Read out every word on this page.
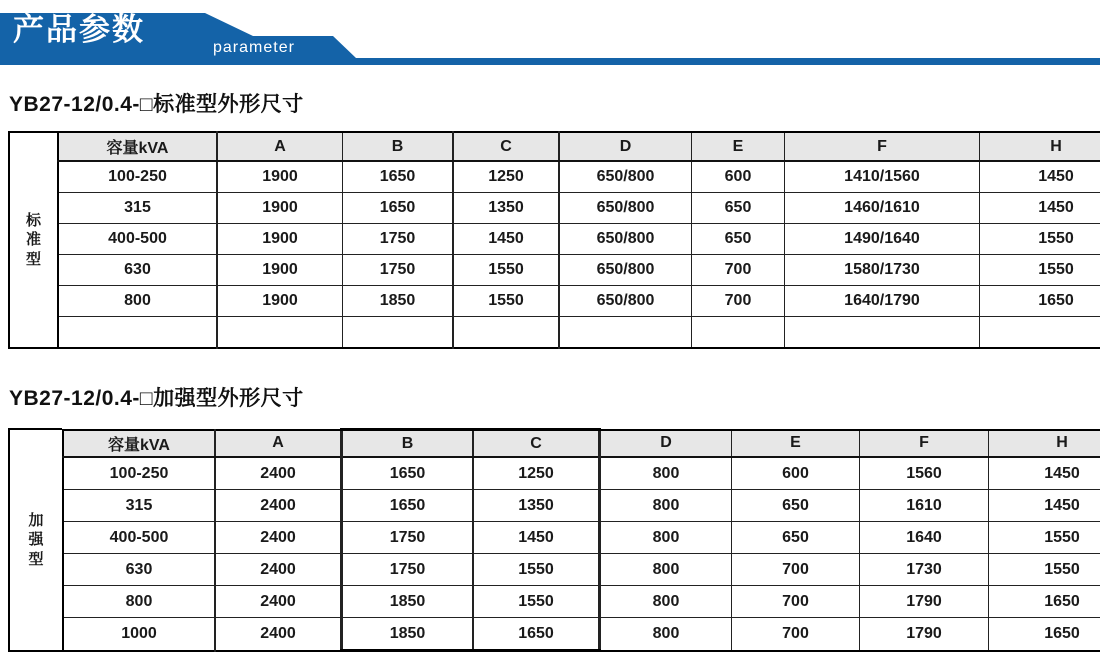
产品参数
parameter
YB27-12/0.4-□标准型外形尺寸
标准型
容量kVA	A	B	C	D	E	F	H
100-250	1900	1650	1250	650/800	600	1410/1560	1450
315	1900	1650	1350	650/800	650	1460/1610	1450
400-500	1900	1750	1450	650/800	650	1490/1640	1550
630	1900	1750	1550	650/800	700	1580/1730	1550
800	1900	1850	1550	650/800	700	1640/1790	1650

YB27-12/0.4-□加强型外形尺寸
加强型
容量kVA	A	B	C	D	E	F	H
100-250	2400	1650	1250	800	600	1560	1450
315	2400	1650	1350	800	650	1610	1450
400-500	2400	1750	1450	800	650	1640	1550
630	2400	1750	1550	800	700	1730	1550
800	2400	1850	1550	800	700	1790	1650
1000	2400	1850	1650	800	700	1790	1650
